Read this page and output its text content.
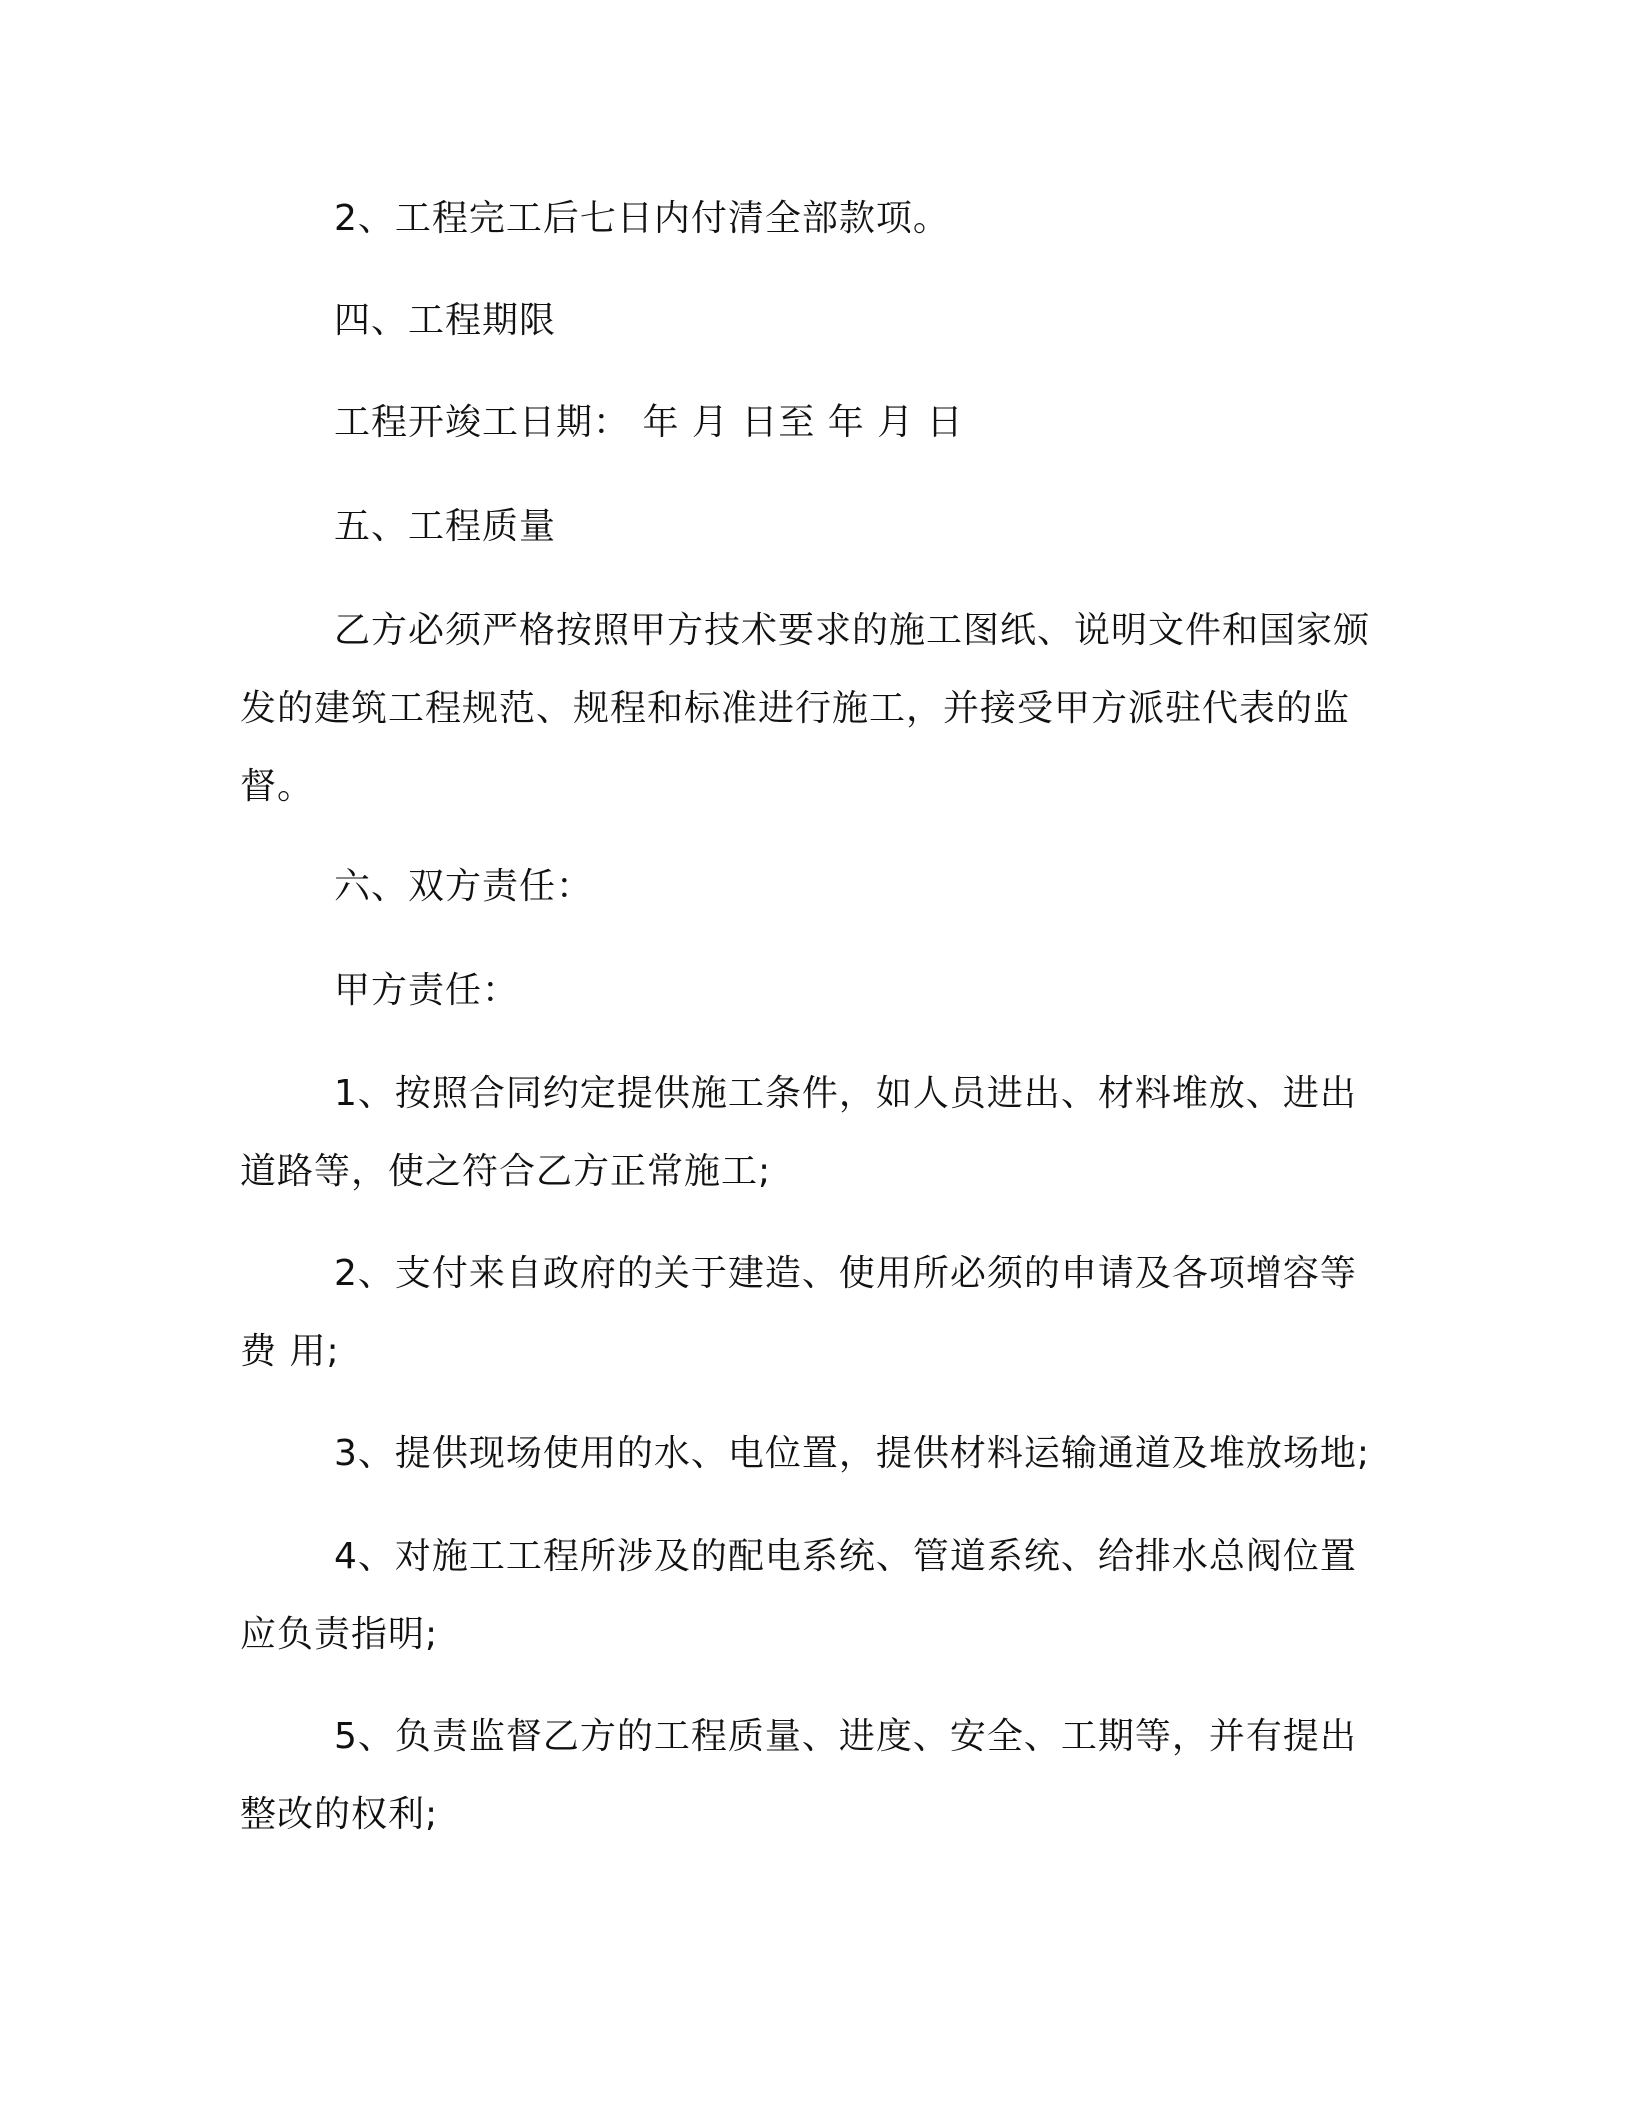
2、工程完工后七日内付清全部款项。
四、工程期限
工程开竣工日期： 年 月 日至 年 月 日
五、工程质量
乙方必须严格按照甲方技术要求的施工图纸、说明文件和国家颁
发的建筑工程规范、规程和标准进行施工，并接受甲方派驻代表的监
督。
六、双方责任：
甲方责任：
1、按照合同约定提供施工条件，如人员进出、材料堆放、进出
道路等，使之符合乙方正常施工;
2、支付来自政府的关于建造、使用所必须的申请及各项增容等
费 用;
3、提供现场使用的水、电位置，提供材料运输通道及堆放场地;
4、对施工工程所涉及的配电系统、管道系统、给排水总阀位置
应负责指明;
5、负责监督乙方的工程质量、进度、安全、工期等，并有提出
整改的权利;
